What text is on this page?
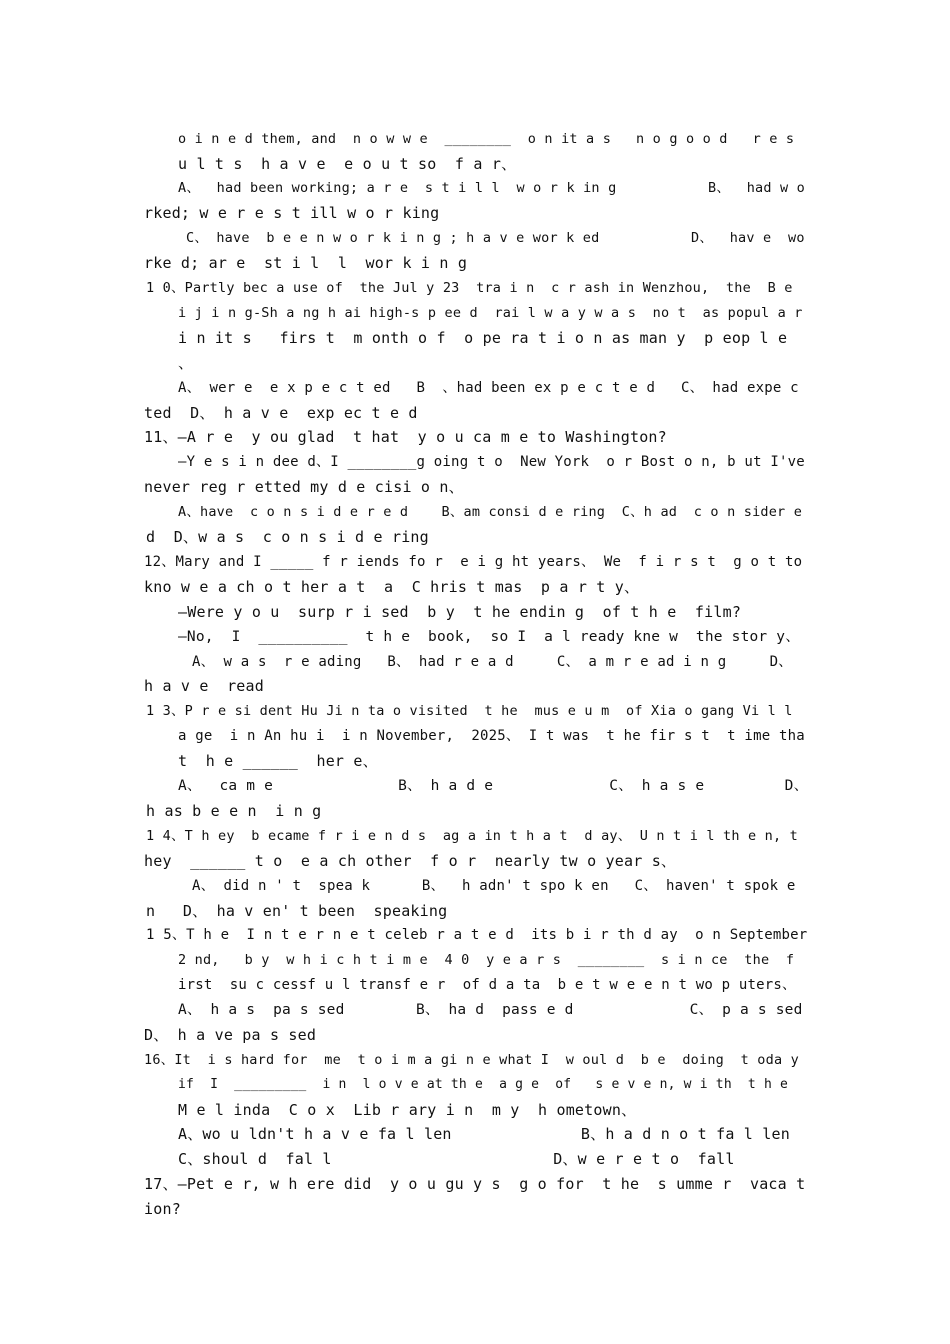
o i n e d them, and  n o w w e  ________  o n it a s   n o g o o d   r e s
u l t s  h a v e  e o u t so  f a r、
A、  had been working; a r e  s t i l l  w o r k in g           B、  had w o
rked; w e r e s t ill w o r king
C、 have  b e e n w o r k i n g ; h a v e wor k ed           D、  hav e  wo
rke d; ar e  st i l  l  wor k i n g
1 0、Partly bec a use of  the Jul y 23  tra i n  c r ash in Wenzhou,  the  B e
i j i n g-Sh a ng h ai high-s p ee d  rai l w a y w a s  no t  as popul a r
i n it s   firs t  m onth o f  o pe ra t i o n as man y  p eop l e
、
A、 wer e  e x p e c t ed   B  、had been ex p e c t e d   C、 had expe c
ted  D、 h a v e  exp ec t e d
11、—A r e  y ou glad  t hat  y o u ca m e to Washington?
—Y e s i n dee d、I ________g oing t o  New York  o r Bost o n, b ut I've
never reg r etted my d e cisi o n、
A、have  c o n s i d e r e d    B、am consi d e ring  C、h ad  c o n sider e
d  D、w a s  c o n s i d e ring
12、Mary and I _____ f r iends fo r  e i g ht years、 We  f i r s t  g o t to
kno w e a ch o t her a t  a  C hris t mas  p a r t y、
—Were y o u  surp r i sed  b y  t he endin g  of t h e  film?
—No,  I  __________  t h e  book,  so I  a l ready kne w  the stor y、
A、 w a s  r e ading   B、 had r e a d     C、 a m r e ad i n g     D、
h a v e  read
1 3、P r e si dent Hu Ji n ta o visited  t he  mus e u m  of Xia o gang Vi l l
a ge  i n An hu i  i n November,  2025、 I t was  t he fir s t  t ime tha
t  h e ______  her e、
A、  ca m e              B、 h a d e             C、 h a s e         D、
h as b e e n  i n g
1 4、T h ey  b ecame f r i e n d s  ag a in t h a t  d ay、 U n t i l th e n, t
hey  ______ t o  e a ch other  f o r  nearly tw o year s、
A、 did n ' t  spea k      B、  h adn' t spo k en   C、 haven' t spok e
n   D、 ha v en' t been  speaking
1 5、T h e  I n t e r n e t celeb r a t e d  its b i r th d ay  o n September
2 nd,   b y  w h i c h t i m e  4 0  y e a r s  ________  s i n ce  the  f
irst  su c cessf u l transf e r  of d a ta  b e t w e e n t wo p uters、
A、 h a s  pa s sed        B、 ha d  pass e d             C、 p a s sed
D、 h a ve pa s sed
16、It  i s hard for  me  t o i m a gi n e what I  w oul d  b e  doing  t oda y
if  I  _________  i n  l o v e at th e  a g e  of   s e v e n, w i th  t h e
M e l inda  C o x  Lib r ary i n  m y  h ometown、
A、wo u ldn't h a v e fa l len              B、h a d n o t fa l len
C、shoul d  fal l                        D、w e r e t o  fall
17、—Pet e r, w h ere did  y o u gu y s  g o for  t he  s umme r  vaca t
ion?
